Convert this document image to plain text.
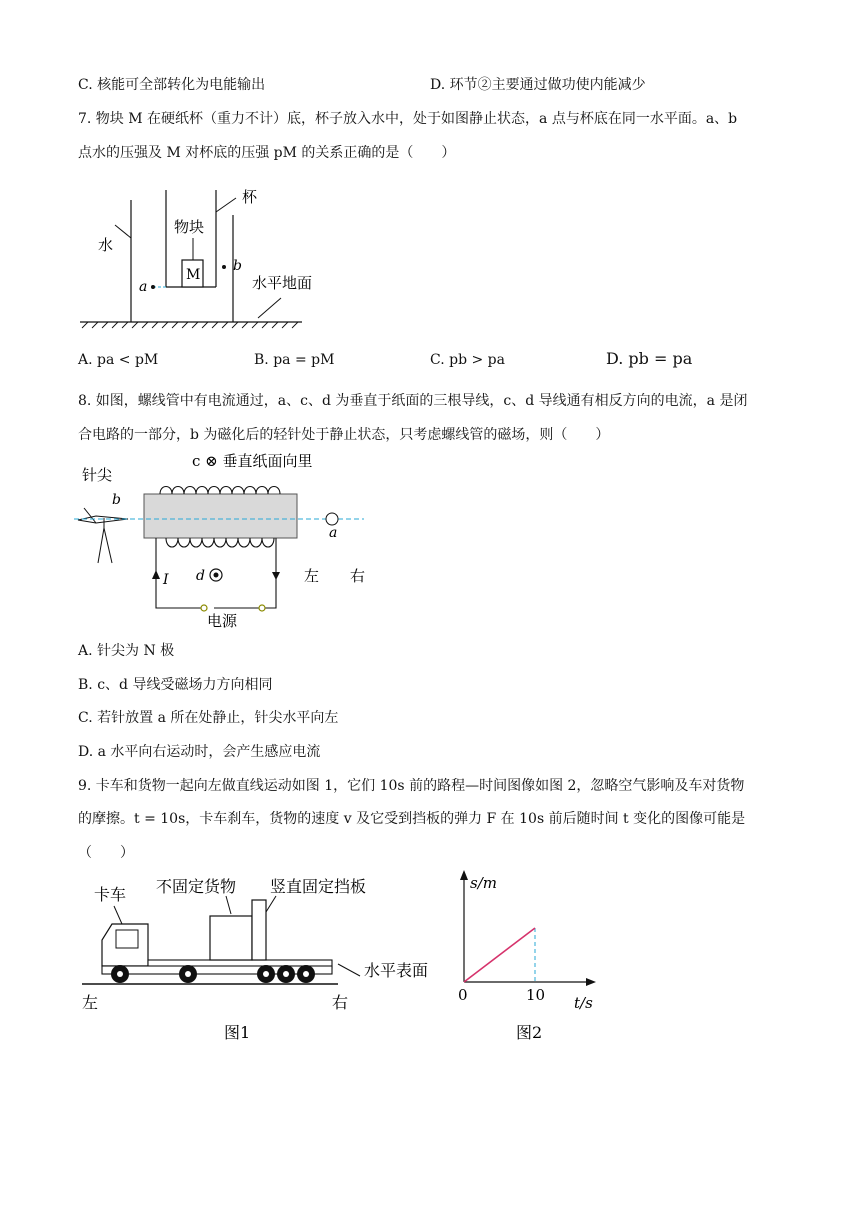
C. 核能可全部转化为电能输出	D. 环节②主要通过做功使内能减少
7. 物块 M 在硬纸杯（重力不计）底，杯子放入水中，处于如图静止状态，a 点与杯底在同一水平面。a、b
点水的压强及 M 对杯底的压强 pM 的关系正确的是（　　）
水
杯
M
物块
a
b
水平地面
A. pa < pM	B. pa = pM	C. pb > pa	D. pb = pa
8. 如图，螺线管中有电流通过，a、c、d 为垂直于纸面的三根导线，c、d 导线通有相反方向的电流，a 是闭
合电路的一部分，b 为磁化后的轻针处于静止状态，只考虑螺线管的磁场，则（　　）
c ⊗ 垂直纸面向里
针尖
b
a
I
电源
d	左 右
A. 针尖为 N 极
B. c、d 导线受磁场力方向相同
C. 若针放置 a 所在处静止，针尖水平向左
D. a 水平向右运动时，会产生感应电流
9. 卡车和货物一起向左做直线运动如图 1，它们 10s 前的路程—时间图像如图 2，忽略空气影响及车对货物
的摩擦。t = 10s，卡车刹车，货物的速度 v 及它受到挡板的弹力 F 在 10s 前后随时间 t 变化的图像可能是
（　　）
卡车 不固定货物 竖直固定挡板
水平表面
左	右
图1
s/m
t/s
0	10
图2
